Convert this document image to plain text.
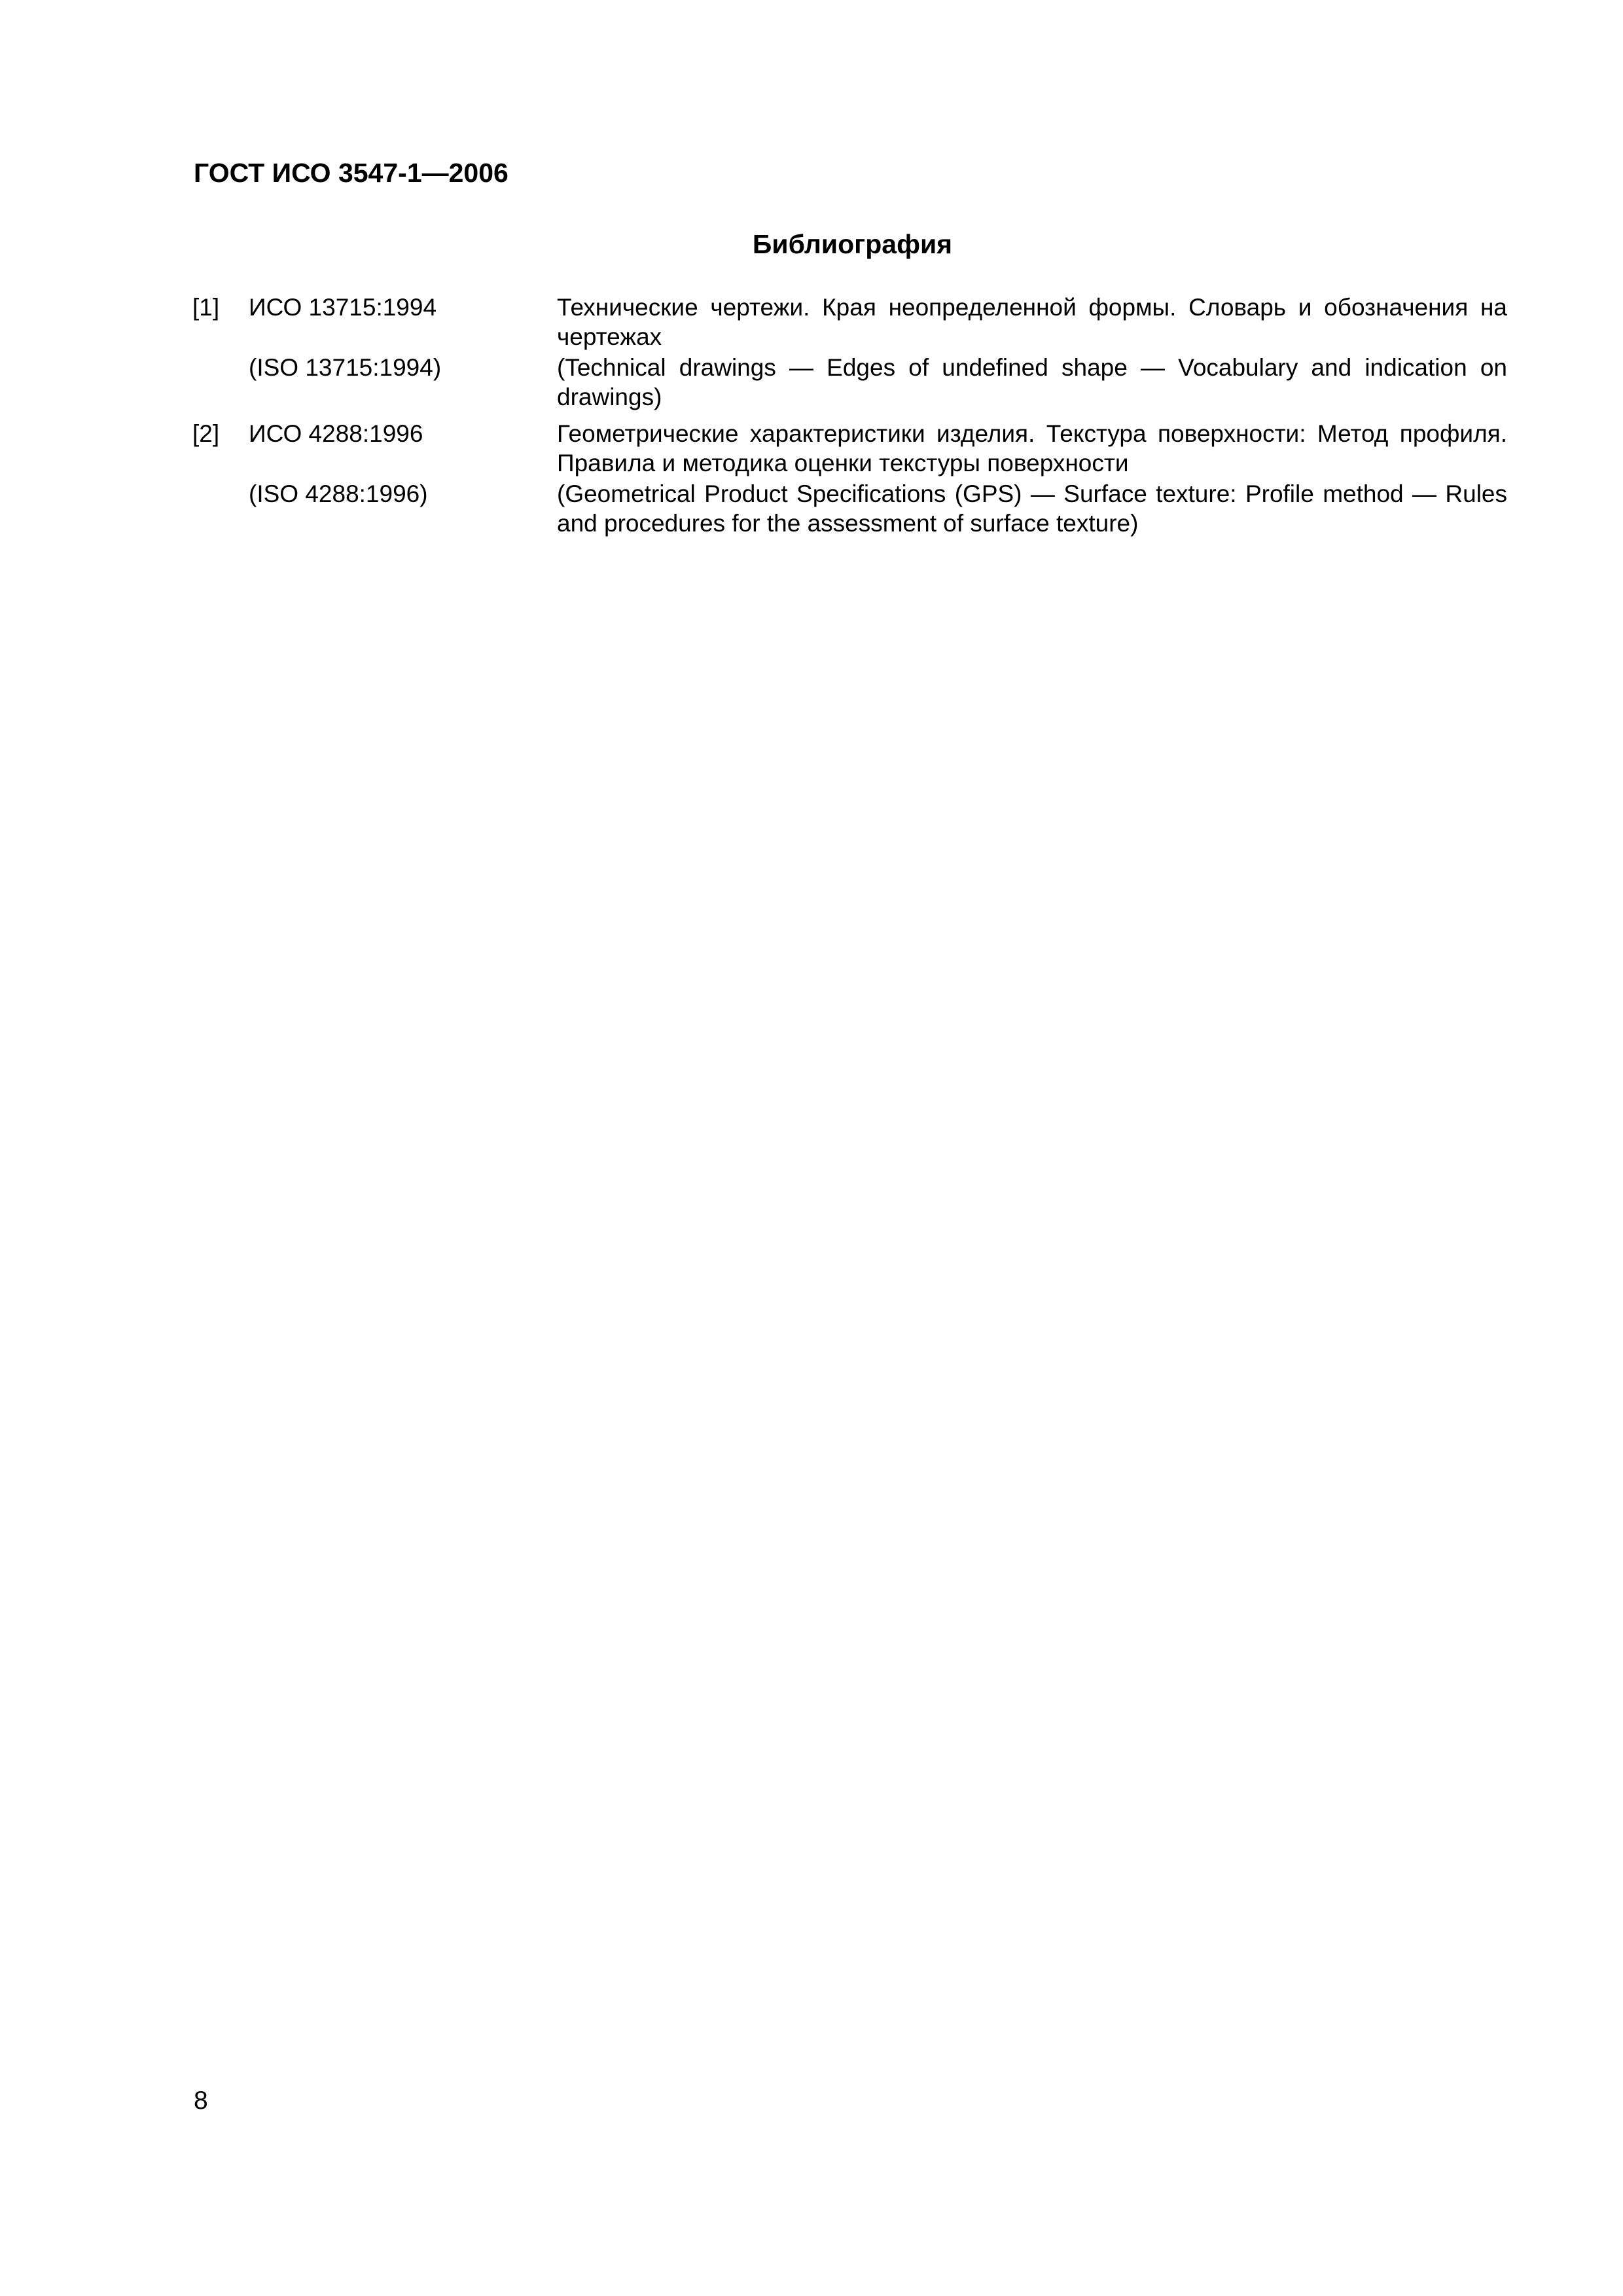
ГОСТ ИСО 3547-1—2006
Библиография
[1] ИСО 13715:1994	Технические чертежи. Края неопределенной формы. Словарь и обозначения на чертежах
(ISO 13715:1994)	(Technical drawings — Edges of undefined shape — Vocabulary and indication on drawings)
[2] ИСО 4288:1996	Геометрические характеристики изделия. Текстура поверхности: Метод профиля. Правила и методика оценки текстуры поверхности
(ISO 4288:1996)	(Geometrical Product Specifications (GPS) — Surface texture: Profile method — Rules and procedures for the assessment of surface texture)
8
